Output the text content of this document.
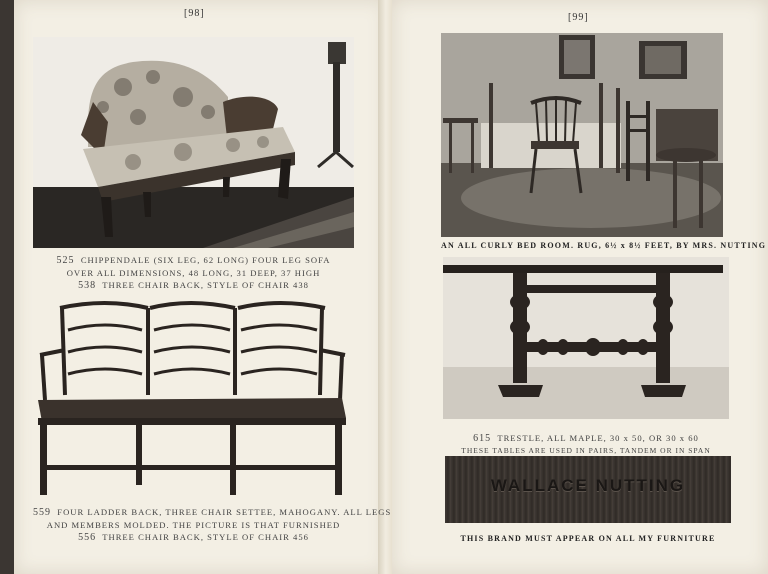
[98]	[99]
525 CHIPPENDALE (SIX LEG, 62 LONG) FOUR LEG SOFA
OVER ALL DIMENSIONS, 48 LONG, 31 DEEP, 37 HIGH
538 THREE CHAIR BACK, STYLE OF CHAIR 438
559 FOUR LADDER BACK, THREE CHAIR SETTEE, MAHOGANY. ALL LEGS
AND MEMBERS MOLDED. THE PICTURE IS THAT FURNISHED
556 THREE CHAIR BACK, STYLE OF CHAIR 456
AN ALL CURLY BED ROOM. RUG, 6½ x 8½ FEET, BY MRS. NUTTING
615 TRESTLE, ALL MAPLE, 30 x 50, OR 30 x 60
THESE TABLES ARE USED IN PAIRS, TANDEM OR IN SPAN
WALLACE NUTTING
THIS BRAND MUST APPEAR ON ALL MY FURNITURE
